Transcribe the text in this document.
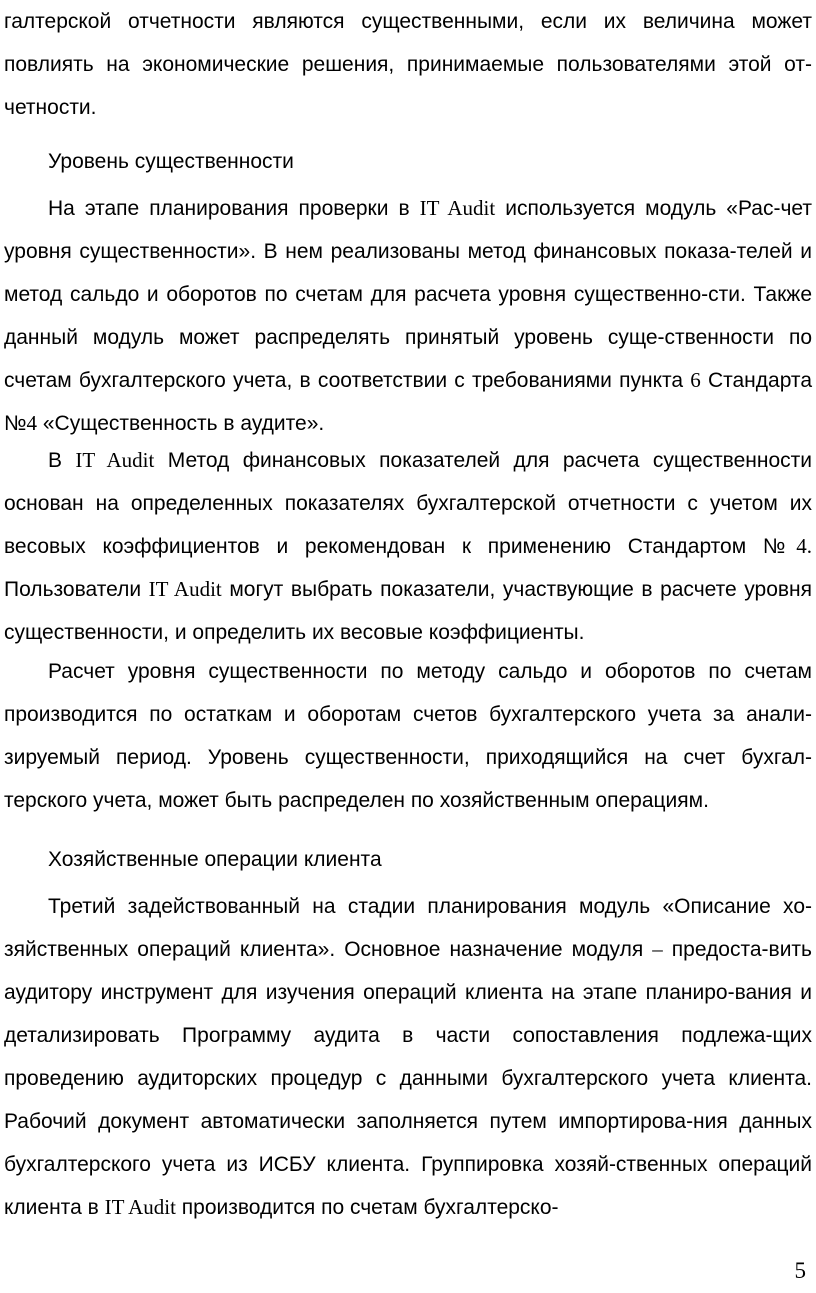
галтерской отчетности являются существенными, если их величина может повлиять на экономические решения, принимаемые пользователями этой от-четности.

Уровень существенности

На этапе планирования проверки в IT Audit используется модуль «Рас-чет уровня существенности». В нем реализованы метод финансовых показа-телей и метод сальдо и оборотов по счетам для расчета уровня существенно-сти. Также данный модуль может распределять принятый уровень суще-ственности по счетам бухгалтерского учета, в соответствии с требованиями пункта 6 Стандарта №4 «Существенность в аудите».

В IT Audit Метод финансовых показателей для расчета существенности основан на определенных показателях бухгалтерской отчетности с учетом их весовых коэффициентов и рекомендован к применению Стандартом №4. Пользователи IT Audit могут выбрать показатели, участвующие в расчете уровня существенности, и определить их весовые коэффициенты.

Расчет уровня существенности по методу сальдо и оборотов по счетам производится по остаткам и оборотам счетов бухгалтерского учета за анали-зируемый период. Уровень существенности, приходящийся на счет бухгал-терского учета, может быть распределен по хозяйственным операциям.

Хозяйственные операции клиента

Третий задействованный на стадии планирования модуль «Описание хо-зяйственных операций клиента». Основное назначение модуля – предоста-вить аудитору инструмент для изучения операций клиента на этапе планиро-вания и детализировать Программу аудита в части сопоставления подлежа-щих проведению аудиторских процедур с данными бухгалтерского учета клиента. Рабочий документ автоматически заполняется путем импортирова-ния данных бухгалтерского учета из ИСБУ клиента. Группировка хозяй-ственных операций клиента в IT Audit производится по счетам бухгалтерско-

5
